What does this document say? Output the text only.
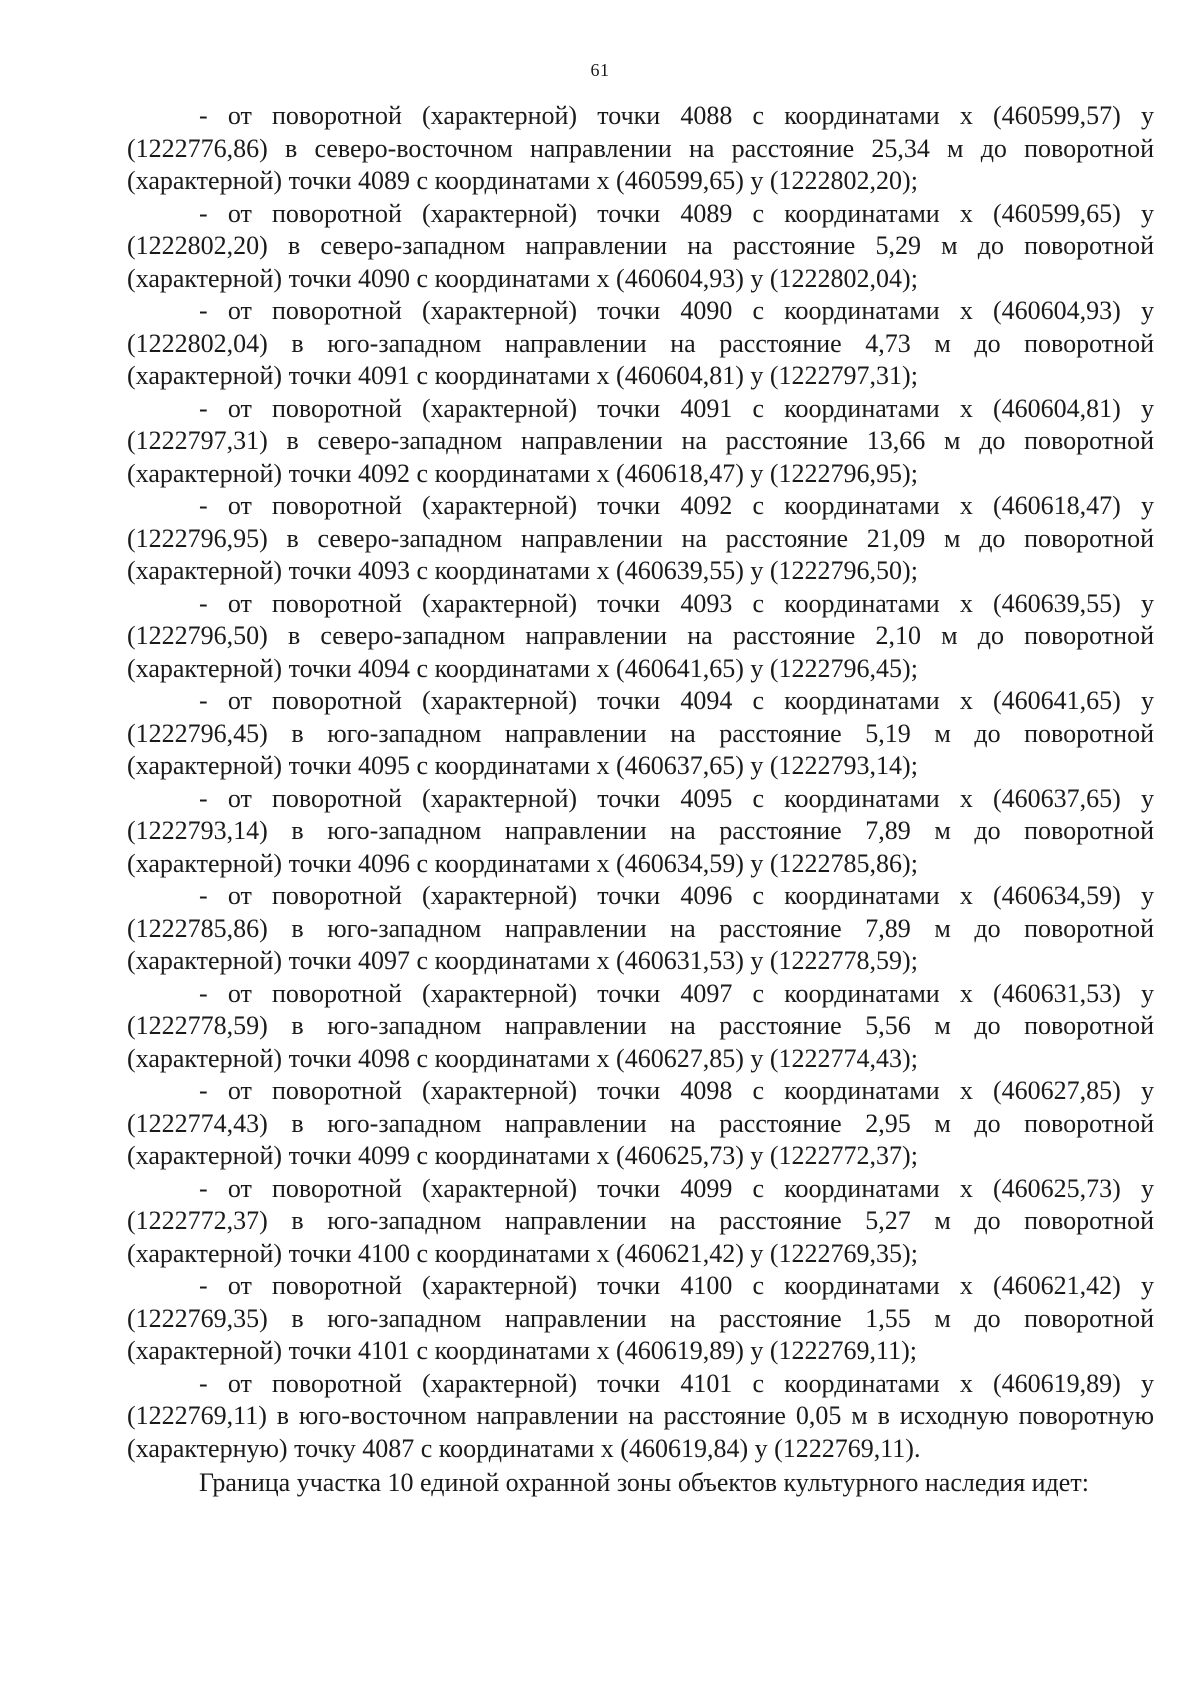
61

- от поворотной (характерной) точки 4088 с координатами х (460599,57) у (1222776,86) в северо-восточном направлении на расстояние 25,34 м до поворотной (характерной) точки 4089 с координатами х (460599,65) у (1222802,20);

- от поворотной (характерной) точки 4089 с координатами х (460599,65) у (1222802,20) в северо-западном направлении на расстояние 5,29 м до поворотной (характерной) точки 4090 с координатами х (460604,93) у (1222802,04);

- от поворотной (характерной) точки 4090 с координатами х (460604,93) у (1222802,04) в юго-западном направлении на расстояние 4,73 м до поворотной (характерной) точки 4091 с координатами х (460604,81) у (1222797,31);

- от поворотной (характерной) точки 4091 с координатами х (460604,81) у (1222797,31) в северо-западном направлении на расстояние 13,66 м до поворотной (характерной) точки 4092 с координатами х (460618,47) у (1222796,95);

- от поворотной (характерной) точки 4092 с координатами х (460618,47) у (1222796,95) в северо-западном направлении на расстояние 21,09 м до поворотной (характерной) точки 4093 с координатами х (460639,55) у (1222796,50);

- от поворотной (характерной) точки 4093 с координатами х (460639,55) у (1222796,50) в северо-западном направлении на расстояние 2,10 м до поворотной (характерной) точки 4094 с координатами х (460641,65) у (1222796,45);

- от поворотной (характерной) точки 4094 с координатами х (460641,65) у (1222796,45) в юго-западном направлении на расстояние 5,19 м до поворотной (характерной) точки 4095 с координатами х (460637,65) у (1222793,14);

- от поворотной (характерной) точки 4095 с координатами х (460637,65) у (1222793,14) в юго-западном направлении на расстояние 7,89 м до поворотной (характерной) точки 4096 с координатами х (460634,59) у (1222785,86);

- от поворотной (характерной) точки 4096 с координатами х (460634,59) у (1222785,86) в юго-западном направлении на расстояние 7,89 м до поворотной (характерной) точки 4097 с координатами х (460631,53) у (1222778,59);

- от поворотной (характерной) точки 4097 с координатами х (460631,53) у (1222778,59) в юго-западном направлении на расстояние 5,56 м до поворотной (характерной) точки 4098 с координатами х (460627,85) у (1222774,43);

- от поворотной (характерной) точки 4098 с координатами х (460627,85) у (1222774,43) в юго-западном направлении на расстояние 2,95 м до поворотной (характерной) точки 4099 с координатами х (460625,73) у (1222772,37);

- от поворотной (характерной) точки 4099 с координатами х (460625,73) у (1222772,37) в юго-западном направлении на расстояние 5,27 м до поворотной (характерной) точки 4100 с координатами х (460621,42) у (1222769,35);

- от поворотной (характерной) точки 4100 с координатами х (460621,42) у (1222769,35) в юго-западном направлении на расстояние 1,55 м до поворотной (характерной) точки 4101 с координатами х (460619,89) у (1222769,11);

- от поворотной (характерной) точки 4101 с координатами х (460619,89) у (1222769,11) в юго-восточном направлении на расстояние 0,05 м в исходную поворотную (характерную) точку 4087 с координатами х (460619,84) у (1222769,11).

Граница участка 10 единой охранной зоны объектов культурного наследия идет:
